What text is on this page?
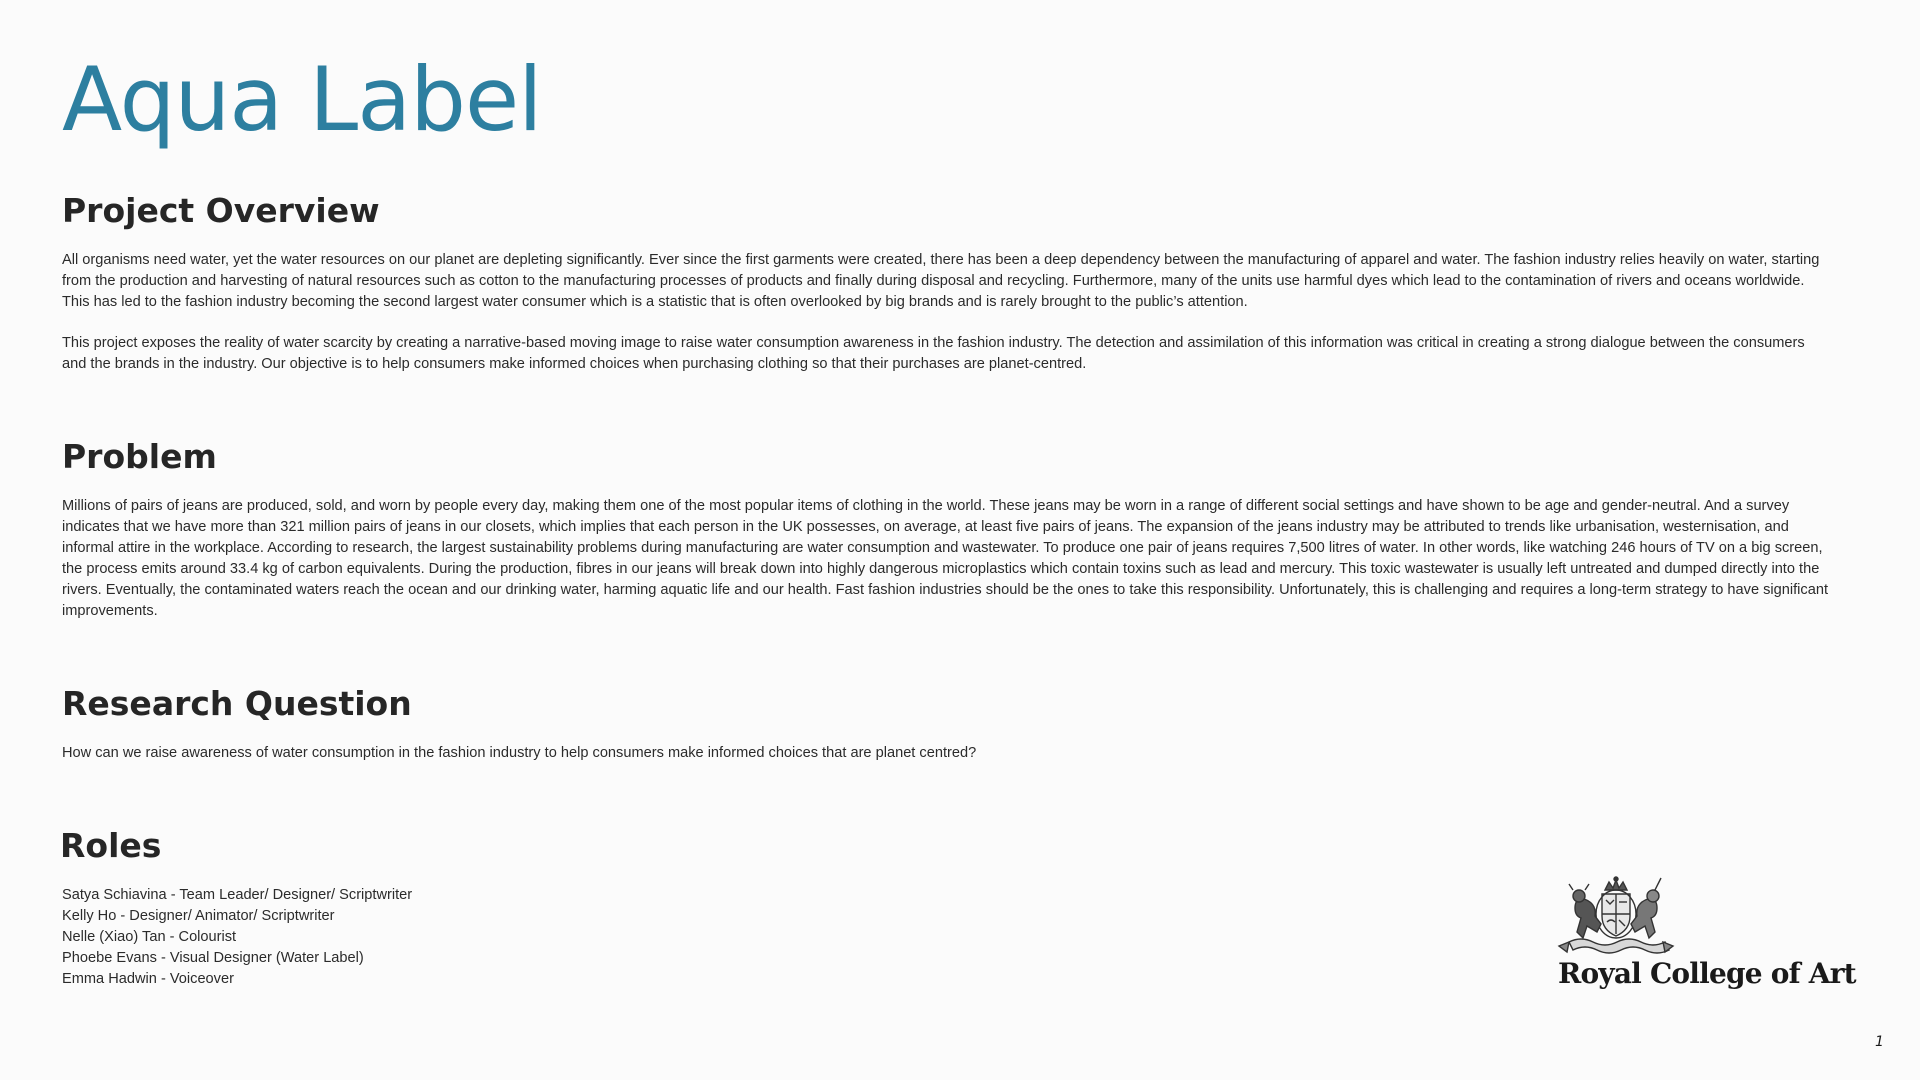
Aqua Label
Project Overview

All organisms need water, yet the water resources on our planet are depleting significantly. Ever since the first garments were created, there has been a deep dependency between the manufacturing of apparel and water. The fashion industry relies heavily on water, starting from the production and harvesting of natural resources such as cotton to the manufacturing processes of products and finally during disposal and recycling. Furthermore, many of the units use harmful dyes which lead to the contamination of rivers and oceans worldwide. This has led to the fashion industry becoming the second largest water consumer which is a statistic that is often overlooked by big brands and is rarely brought to the public’s attention.

This project exposes the reality of water scarcity by creating a narrative-based moving image to raise water consumption awareness in the fashion industry. The detection and assimilation of this information was critical in creating a strong dialogue between the consumers and the brands in the industry. Our objective is to help consumers make informed choices when purchasing clothing so that their purchases are planet-centred.

Problem

Millions of pairs of jeans are produced, sold, and worn by people every day, making them one of the most popular items of clothing in the world. These jeans may be worn in a range of different social settings and have shown to be age and gender-neutral. And a survey indicates that we have more than 321 million pairs of jeans in our closets, which implies that each person in the UK possesses, on average, at least five pairs of jeans. The expansion of the jeans industry may be attributed to trends like urbanisation, westernisation, and informal attire in the workplace. According to research, the largest sustainability problems during manufacturing are water consumption and wastewater. To produce one pair of jeans requires 7,500 litres of water. In other words, like watching 246 hours of TV on a big screen, the process emits around 33.4 kg of carbon equivalents. During the production, fibres in our jeans will break down into highly dangerous microplastics which contain toxins such as lead and mercury. This toxic wastewater is usually left untreated and dumped directly into the rivers. Eventually, the contaminated waters reach the ocean and our drinking water, harming aquatic life and our health. Fast fashion industries should be the ones to take this responsibility. Unfortunately, this is challenging and requires a long-term strategy to have significant improvements.

Research Question

How can we raise awareness of water consumption in the fashion industry to help consumers make informed choices that are planet centred?

Roles
Satya Schiavina - Team Leader/ Designer/ Scriptwriter
Kelly Ho - Designer/ Animator/ Scriptwriter
Nelle (Xiao) Tan - Colourist
Phoebe Evans - Visual Designer (Water Label)
Emma Hadwin - Voiceover	Royal College of Art
1
